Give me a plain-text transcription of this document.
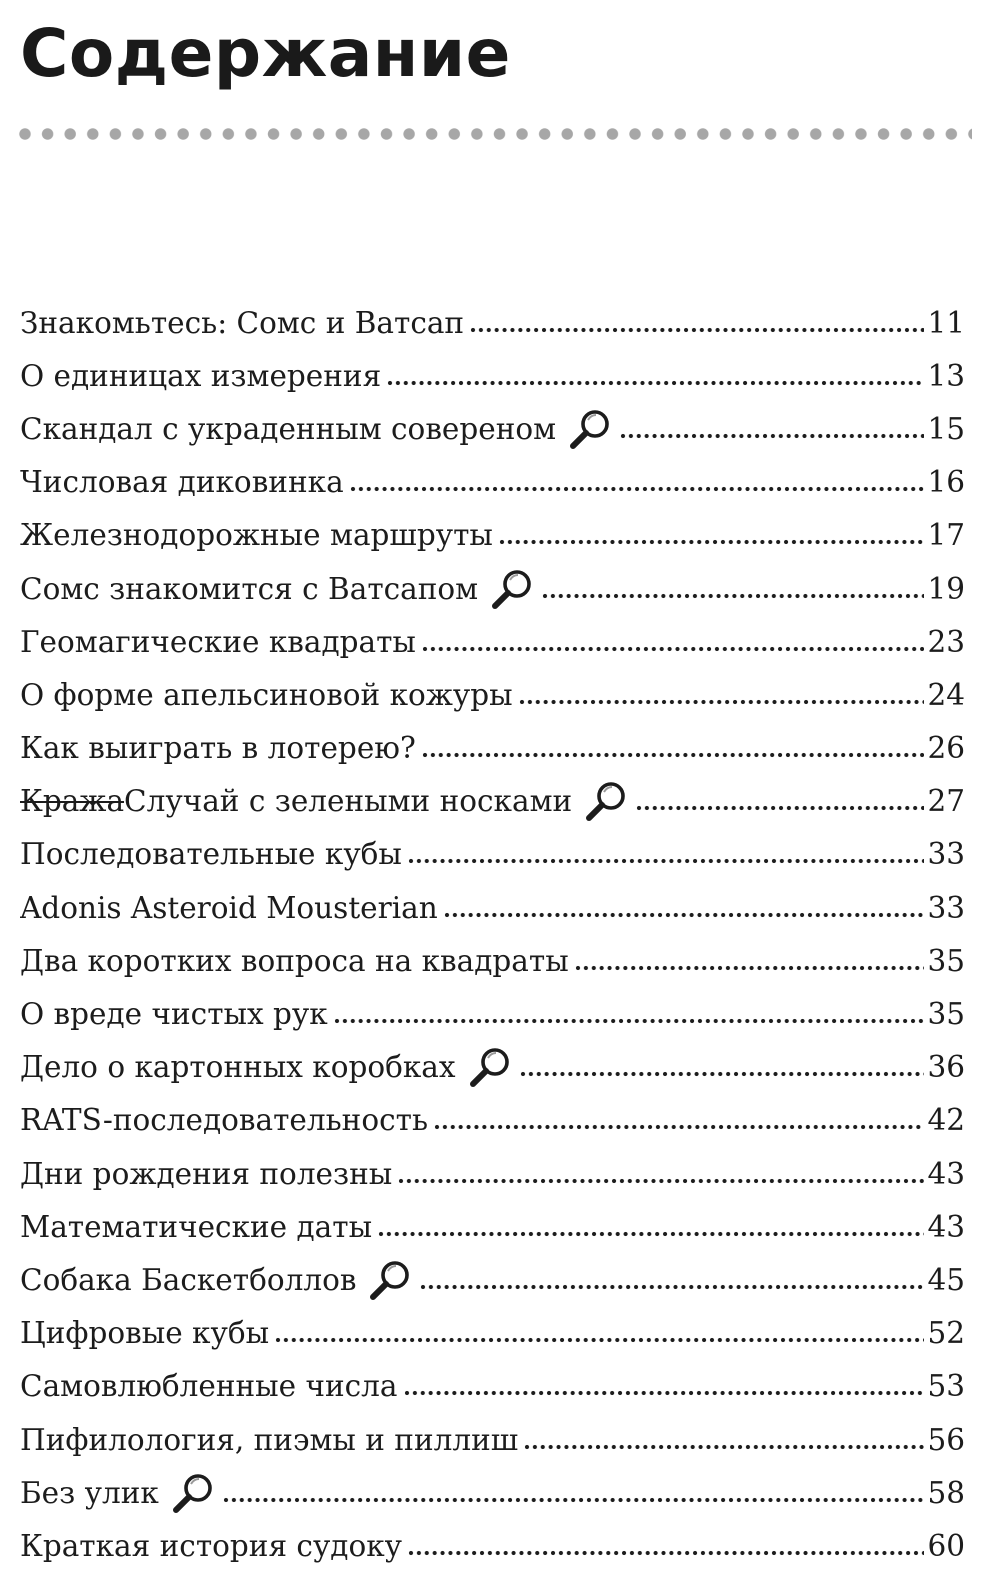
Содержание
Знакомьтесь: Сомс и Ватсап	11
О единицах измерения	13
Скандал с украденным совереном	15
Числовая диковинка	16
Железнодорожные маршруты	17
Сомс знакомится с Ватсапом	19
Геомагические квадраты	23
О форме апельсиновой кожуры	24
Как выиграть в лотерею?	26
Кража Случай с зелеными носками	27
Последовательные кубы	33
Adonis Asteroid Mousterian	33
Два коротких вопроса на квадраты	35
О вреде чистых рук	35
Дело о картонных коробках	36
RATS-последовательность	42
Дни рождения полезны	43
Математические даты	43
Собака Баскетболлов	45
Цифровые кубы	52
Самовлюбленные числа	53
Пифилология, пиэмы и пиллиш	56
Без улик	58
Краткая история судоку	60
